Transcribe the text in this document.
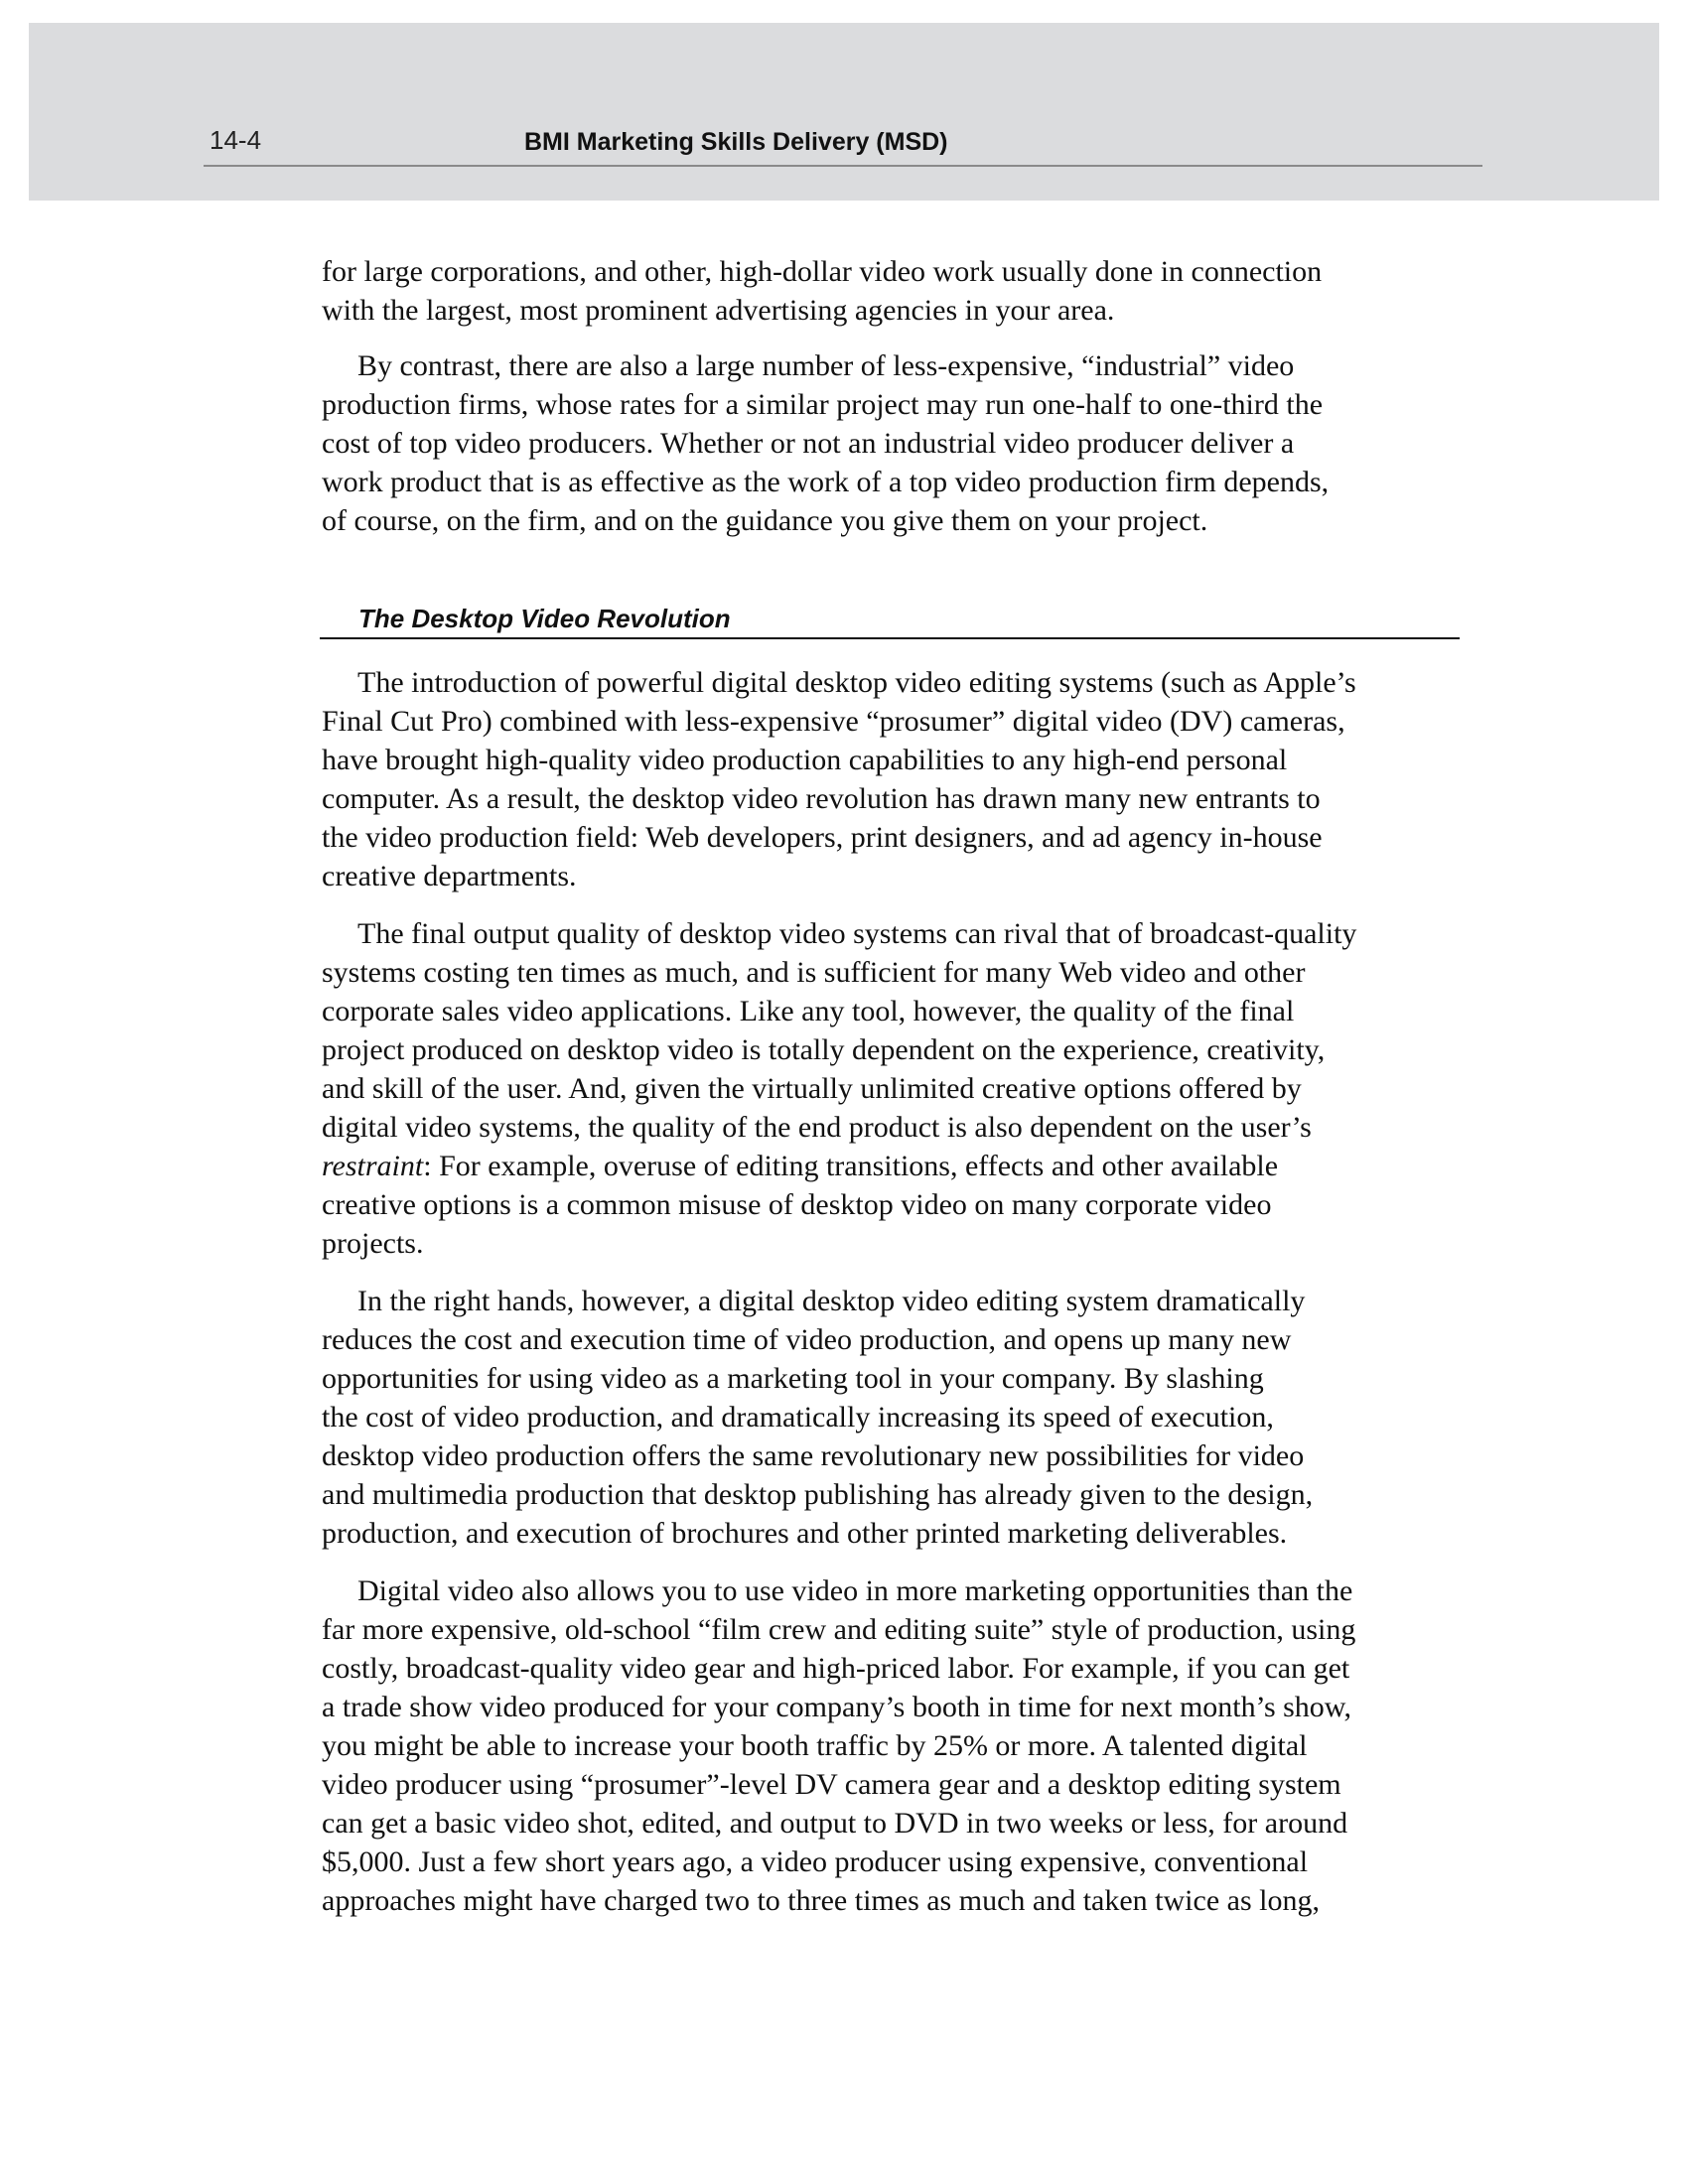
14-4	BMI Marketing Skills Delivery (MSD)
for large corporations, and other, high-dollar video work usually done in connection
with the largest, most prominent advertising agencies in your area.
By contrast, there are also a large number of less-expensive, “industrial” video
production firms, whose rates for a similar project may run one-half to one-third the
cost of top video producers. Whether or not an industrial video producer deliver a
work product that is as effective as the work of a top video production firm depends,
of course, on the firm, and on the guidance you give them on your project.
The Desktop Video Revolution
The introduction of powerful digital desktop video editing systems (such as Apple’s
Final Cut Pro) combined with less-expensive “prosumer” digital video (DV) cameras,
have brought high-quality video production capabilities to any high-end personal
computer. As a result, the desktop video revolution has drawn many new entrants to
the video production field: Web developers, print designers, and ad agency in-house
creative departments.
The final output quality of desktop video systems can rival that of broadcast-quality
systems costing ten times as much, and is sufficient for many Web video and other
corporate sales video applications. Like any tool, however, the quality of the final
project produced on desktop video is totally dependent on the experience, creativity,
and skill of the user. And, given the virtually unlimited creative options offered by
digital video systems, the quality of the end product is also dependent on the user’s
restraint: For example, overuse of editing transitions, effects and other available
creative options is a common misuse of desktop video on many corporate video
projects.
In the right hands, however, a digital desktop video editing system dramatically
reduces the cost and execution time of video production, and opens up many new
opportunities for using video as a marketing tool in your company. By slashing
the cost of video production, and dramatically increasing its speed of execution,
desktop video production offers the same revolutionary new possibilities for video
and multimedia production that desktop publishing has already given to the design,
production, and execution of brochures and other printed marketing deliverables.
Digital video also allows you to use video in more marketing opportunities than the
far more expensive, old-school “film crew and editing suite” style of production, using
costly, broadcast-quality video gear and high-priced labor. For example, if you can get
a trade show video produced for your company’s booth in time for next month’s show,
you might be able to increase your booth traffic by 25% or more. A talented digital
video producer using “prosumer”-level DV camera gear and a desktop editing system
can get a basic video shot, edited, and output to DVD in two weeks or less, for around
$5,000. Just a few short years ago, a video producer using expensive, conventional
approaches might have charged two to three times as much and taken twice as long,
